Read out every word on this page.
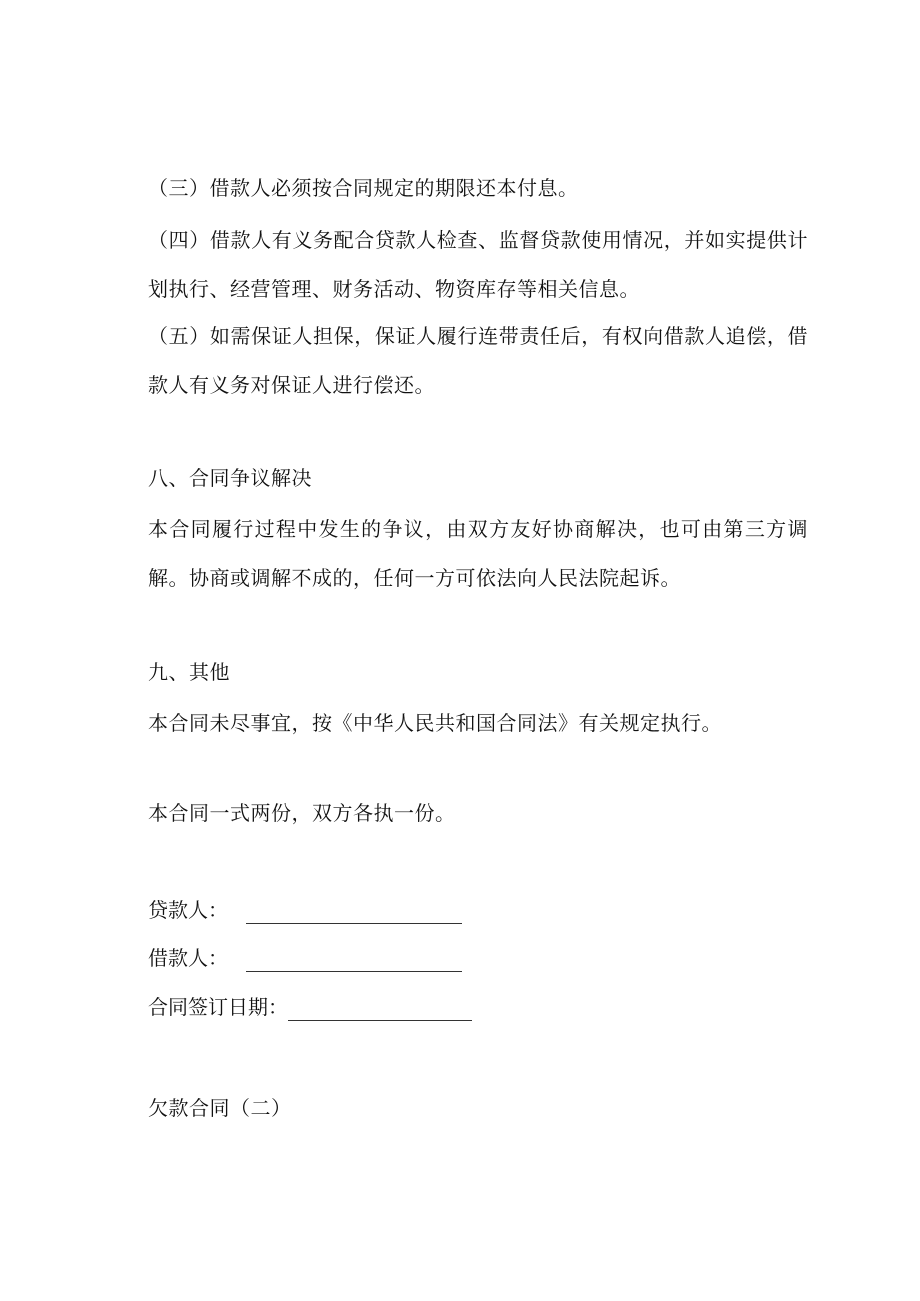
（三）借款人必须按合同规定的期限还本付息。
（四）借款人有义务配合贷款人检查、监督贷款使用情况，并如实提供计划执行、经营管理、财务活动、物资库存等相关信息。
（五）如需保证人担保，保证人履行连带责任后，有权向借款人追偿，借款人有义务对保证人进行偿还。
八、合同争议解决
本合同履行过程中发生的争议，由双方友好协商解决，也可由第三方调解。协商或调解不成的，任何一方可依法向人民法院起诉。
九、其他
本合同未尽事宜，按《中华人民共和国合同法》有关规定执行。
本合同一式两份，双方各执一份。
贷款人：
借款人：
合同签订日期：
欠款合同（二）
